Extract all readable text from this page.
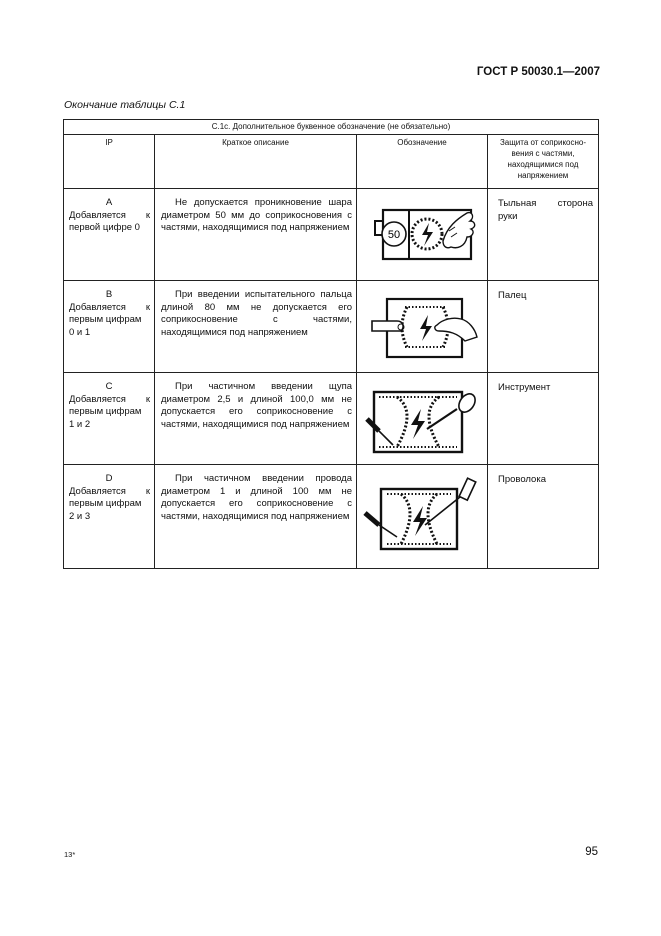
ГОСТ Р 50030.1—2007
Окончание таблицы С.1
С.1с. Дополнительное буквенное обозначение (не обязательно)			
IP	Краткое описание	Обозначение	Защита от соприкосно-
вения с частями,
находящимися под
напряжением

А
Добавляется к
первой цифре 0	Не допускается проникновение шара диаметром 50 мм до соприкосновения с частями, находящимися под напряжением	50	Тыльная сторона руки

В
Добавляется к
первым цифрам
0 и 1	При введении испытательного пальца длиной 80 мм не допускается его соприкосновение с частями, находящимися под напряжением		Палец

С
Добавляется к
первым цифрам
1 и 2	При частичном введении щупа диаметром 2,5 и длиной 100,0 мм не допускается его соприкосновение с частями, находящимися под напряжением		Инструмент

D
Добавляется к
первым цифрам
2 и 3	При частичном введении провода диаметром 1 и длиной 100 мм не допускается его соприкосновение с частями, находящимися под напряжением		Проволока
13*	95
